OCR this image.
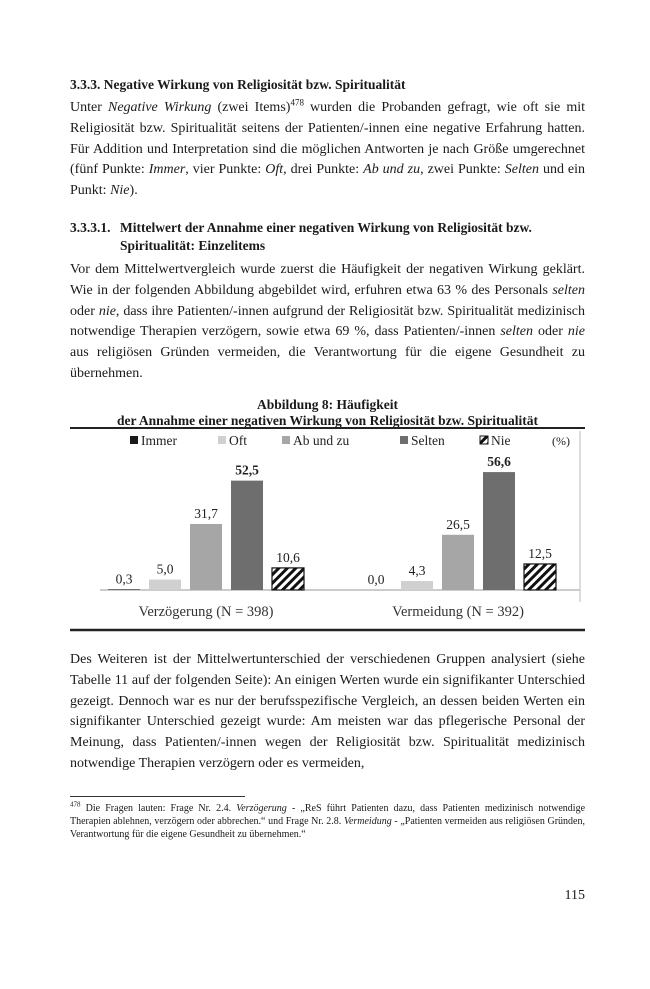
3.3.3. Negative Wirkung von Religiosität bzw. Spiritualität

Unter Negative Wirkung (zwei Items)$^{478}$ wurden die Probanden gefragt, wie oft sie mit Religiosität bzw. Spiritualität seitens der Patienten/-innen eine negative Erfahrung hatten. Für Addition und Interpretation sind die möglichen Antworten je nach Größe umgerechnet (fünf Punkte: Immer, vier Punkte: Oft, drei Punkte: Ab und zu, zwei Punkte: Selten und ein Punkt: Nie).

3.3.3.1. Mittelwert der Annahme einer negativen Wirkung von Religiosität bzw.
Spiritualität: Einzelitems

Vor dem Mittelwertvergleich wurde zuerst die Häufigkeit der negativen Wirkung geklärt. Wie in der folgenden Abbildung abgebildet wird, erfuhren etwa 63 % des Personals selten oder nie, dass ihre Patienten/-innen aufgrund der Religiosität bzw. Spiritualität medizinisch notwendige Therapien verzögern, sowie etwa 69 %, dass Patienten/-innen selten oder nie aus religiösen Gründen vermeiden, die Verantwortung für die eigene Gesundheit zu übernehmen.

Abbildung 8: Häufigkeit
der Annahme einer negativen Wirkung von Religiosität bzw. Spiritualität
Immer	Oft	Ab und zu	Selten	Nie	(%)
0,3
5,0
31,7
52,5
10,6
Verzögerung (N = 398)
0,0
4,3
26,5
56,6
12,5
Vermeidung (N = 392)

Des Weiteren ist der Mittelwertunterschied der verschiedenen Gruppen analysiert (siehe Tabelle 11 auf der folgenden Seite): An einigen Werten wurde ein signifikanter Unterschied gezeigt. Dennoch war es nur der berufsspezifische Vergleich, an dessen beiden Werten ein signifikanter Unterschied gezeigt wurde: Am meisten war das pflegerische Personal der Meinung, dass Patienten/-innen wegen der Religiosität bzw. Spiritualität medizinisch notwendige Therapien verzögern oder es vermeiden,

$^{478}$ Die Fragen lauten: Frage Nr. 2.4. Verzögerung - „ReS führt Patienten dazu, dass Patienten medizinisch notwendige Therapien ablehnen, verzögern oder abbrechen.“ und Frage Nr. 2.8. Vermeidung - „Patienten vermeiden aus religiösen Gründen, Verantwortung für die eigene Gesundheit zu übernehmen.“
115
